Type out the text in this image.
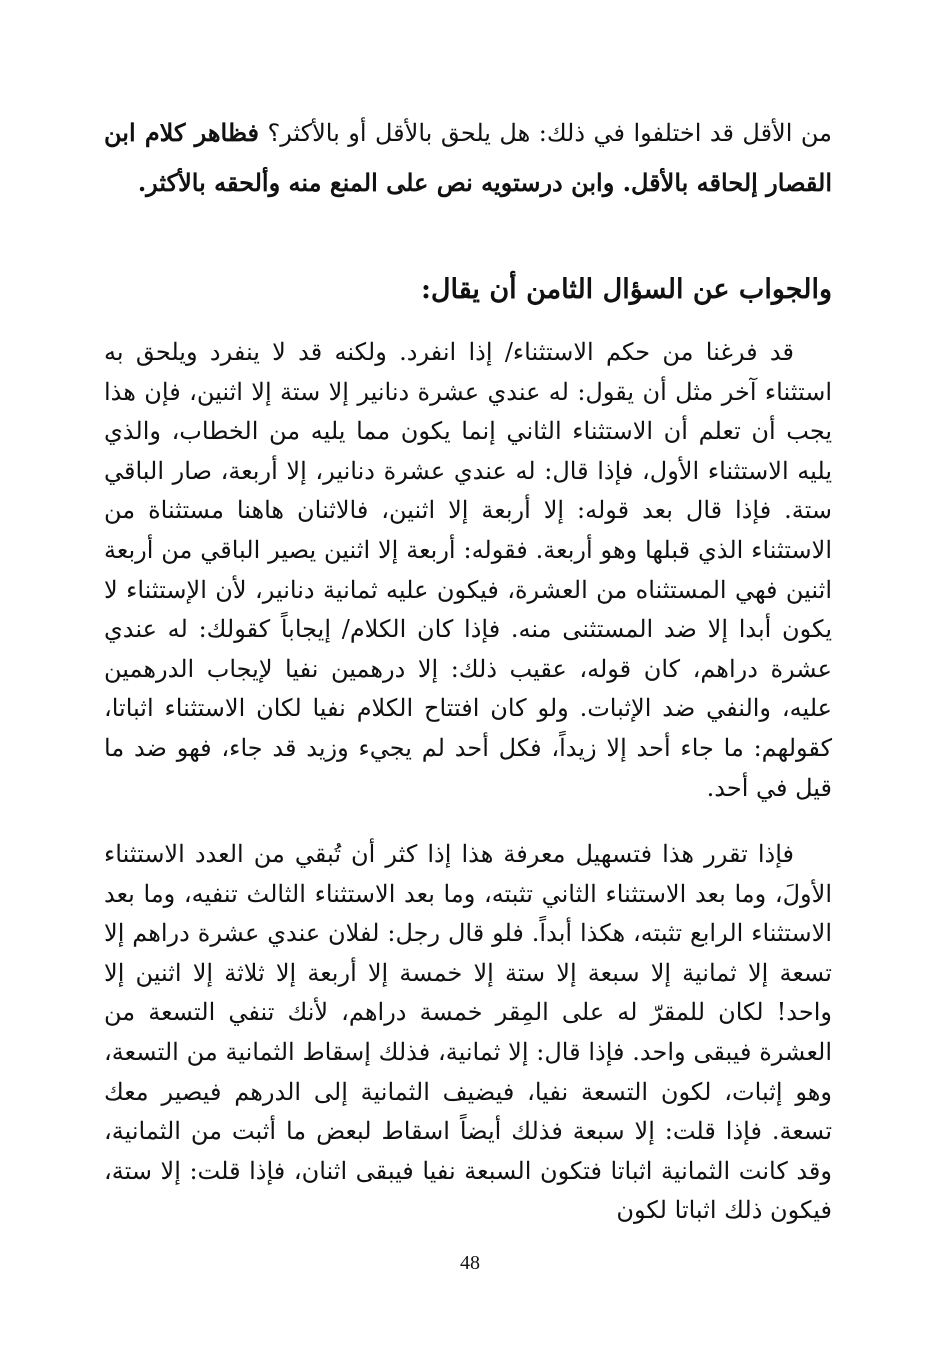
من الأقل قد اختلفوا في ذلك: هل يلحق بالأقل أو بالأكثر؟ فظاهر كلام ابن القصار إلحاقه بالأقل. وابن درستويه نص على المنع منه وألحقه بالأكثر.

والجواب عن السؤال الثامن أن يقال:

قد فرغنا من حكم الاستثناء/ إذا انفرد. ولكنه قد لا ينفرد ويلحق به استثناء آخر مثل أن يقول: له عندي عشرة دنانير إلا ستة إلا اثنين، فإن هذا يجب أن تعلم أن الاستثناء الثاني إنما يكون مما يليه من الخطاب، والذي يليه الاستثناء الأول، فإذا قال: له عندي عشرة دنانير، إلا أربعة، صار الباقي ستة. فإذا قال بعد قوله: إلا أربعة إلا اثنين، فالاثنان هاهنا مستثناة من الاستثناء الذي قبلها وهو أربعة. فقوله: أربعة إلا اثنين يصير الباقي من أربعة اثنين فهي المستثناه من العشرة، فيكون عليه ثمانية دنانير، لأن الإستثناء لا يكون أبدا إلا ضد المستثنى منه. فإذا كان الكلام/ إيجاباً كقولك: له عندي عشرة دراهم، كان قوله، عقيب ذلك: إلا درهمين نفيا لإيجاب الدرهمين عليه، والنفي ضد الإثبات. ولو كان افتتاح الكلام نفيا لكان الاستثناء اثباتا، كقولهم: ما جاء أحد إلا زيداً، فكل أحد لم يجيء وزيد قد جاء، فهو ضد ما قيل في أحد.

فإذا تقرر هذا فتسهيل معرفة هذا إذا كثر أن تُبقي من العدد الاستثناء الأولَ، وما بعد الاستثناء الثاني تثبته، وما بعد الاستثناء الثالث تنفيه، وما بعد الاستثناء الرابع تثبته، هكذا أبداً. فلو قال رجل: لفلان عندي عشرة دراهم إلا تسعة إلا ثمانية إلا سبعة إلا ستة إلا خمسة إلا أربعة إلا ثلاثة إلا اثنين إلا واحد! لكان للمقرّ له على المِقر خمسة دراهم، لأنك تنفي التسعة من العشرة فيبقى واحد. فإذا قال: إلا ثمانية، فذلك إسقاط الثمانية من التسعة، وهو إثبات، لكون التسعة نفيا، فيضيف الثمانية إلى الدرهم فيصير معك تسعة. فإذا قلت: إلا سبعة فذلك أيضاً اسقاط لبعض ما أثبت من الثمانية، وقد كانت الثمانية اثباتا فتكون السبعة نفيا فيبقى اثنان، فإذا قلت: إلا ستة، فيكون ذلك اثباتا لكون

48
